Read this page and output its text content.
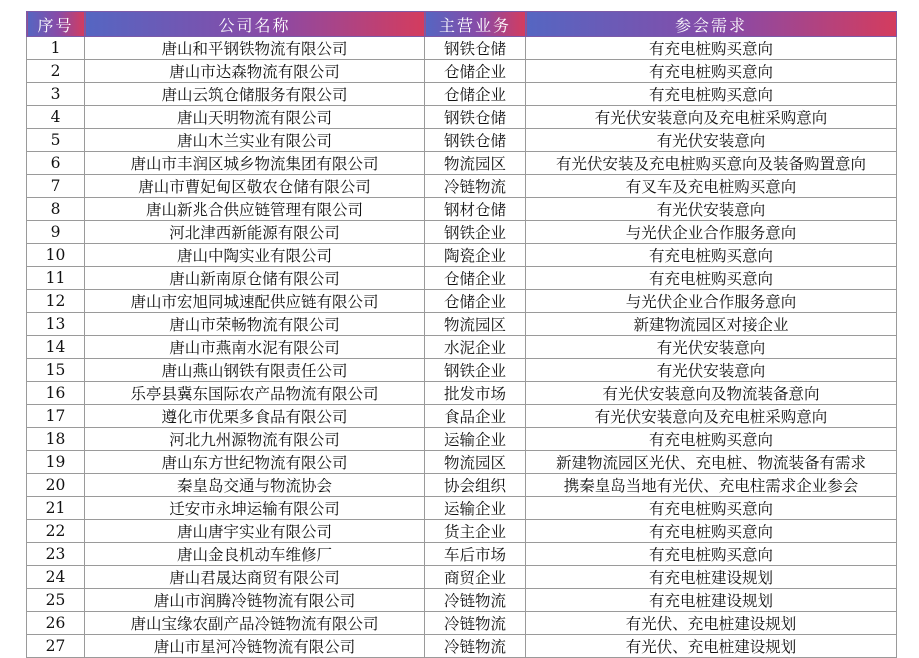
序号	公司名称	主营业务	参会需求
1	唐山和平钢铁物流有限公司	钢铁仓储	有充电桩购买意向
2	唐山市达森物流有限公司	仓储企业	有充电桩购买意向
3	唐山云筑仓储服务有限公司	仓储企业	有充电桩购买意向
4	唐山天明物流有限公司	钢铁仓储	有光伏安装意向及充电桩采购意向
5	唐山木兰实业有限公司	钢铁仓储	有光伏安装意向
6	唐山市丰润区城乡物流集团有限公司	物流园区	有光伏安装及充电桩购买意向及装备购置意向
7	唐山市曹妃甸区敬农仓储有限公司	冷链物流	有叉车及充电桩购买意向
8	唐山新兆合供应链管理有限公司	钢材仓储	有光伏安装意向
9	河北津西新能源有限公司	钢铁企业	与光伏企业合作服务意向
10	唐山中陶实业有限公司	陶瓷企业	有充电桩购买意向
11	唐山新南原仓储有限公司	仓储企业	有充电桩购买意向
12	唐山市宏旭同城速配供应链有限公司	仓储企业	与光伏企业合作服务意向
13	唐山市荣畅物流有限公司	物流园区	新建物流园区对接企业
14	唐山市燕南水泥有限公司	水泥企业	有光伏安装意向
15	唐山燕山钢铁有限责任公司	钢铁企业	有光伏安装意向
16	乐亭县冀东国际农产品物流有限公司	批发市场	有光伏安装意向及物流装备意向
17	遵化市优栗多食品有限公司	食品企业	有光伏安装意向及充电桩采购意向
18	河北九州源物流有限公司	运输企业	有充电桩购买意向
19	唐山东方世纪物流有限公司	物流园区	新建物流园区光伏、充电桩、物流装备有需求
20	秦皇岛交通与物流协会	协会组织	携秦皇岛当地有光伏、充电柱需求企业参会
21	迁安市永坤运输有限公司	运输企业	有充电桩购买意向
22	唐山唐宇实业有限公司	货主企业	有充电桩购买意向
23	唐山金良机动车维修厂	车后市场	有充电桩购买意向
24	唐山君晟达商贸有限公司	商贸企业	有充电桩建设规划
25	唐山市润腾冷链物流有限公司	冷链物流	有充电桩建设规划
26	唐山宝缘农副产品冷链物流有限公司	冷链物流	有光伏、充电桩建设规划
27	唐山市星河冷链物流有限公司	冷链物流	有光伏、充电桩建设规划
